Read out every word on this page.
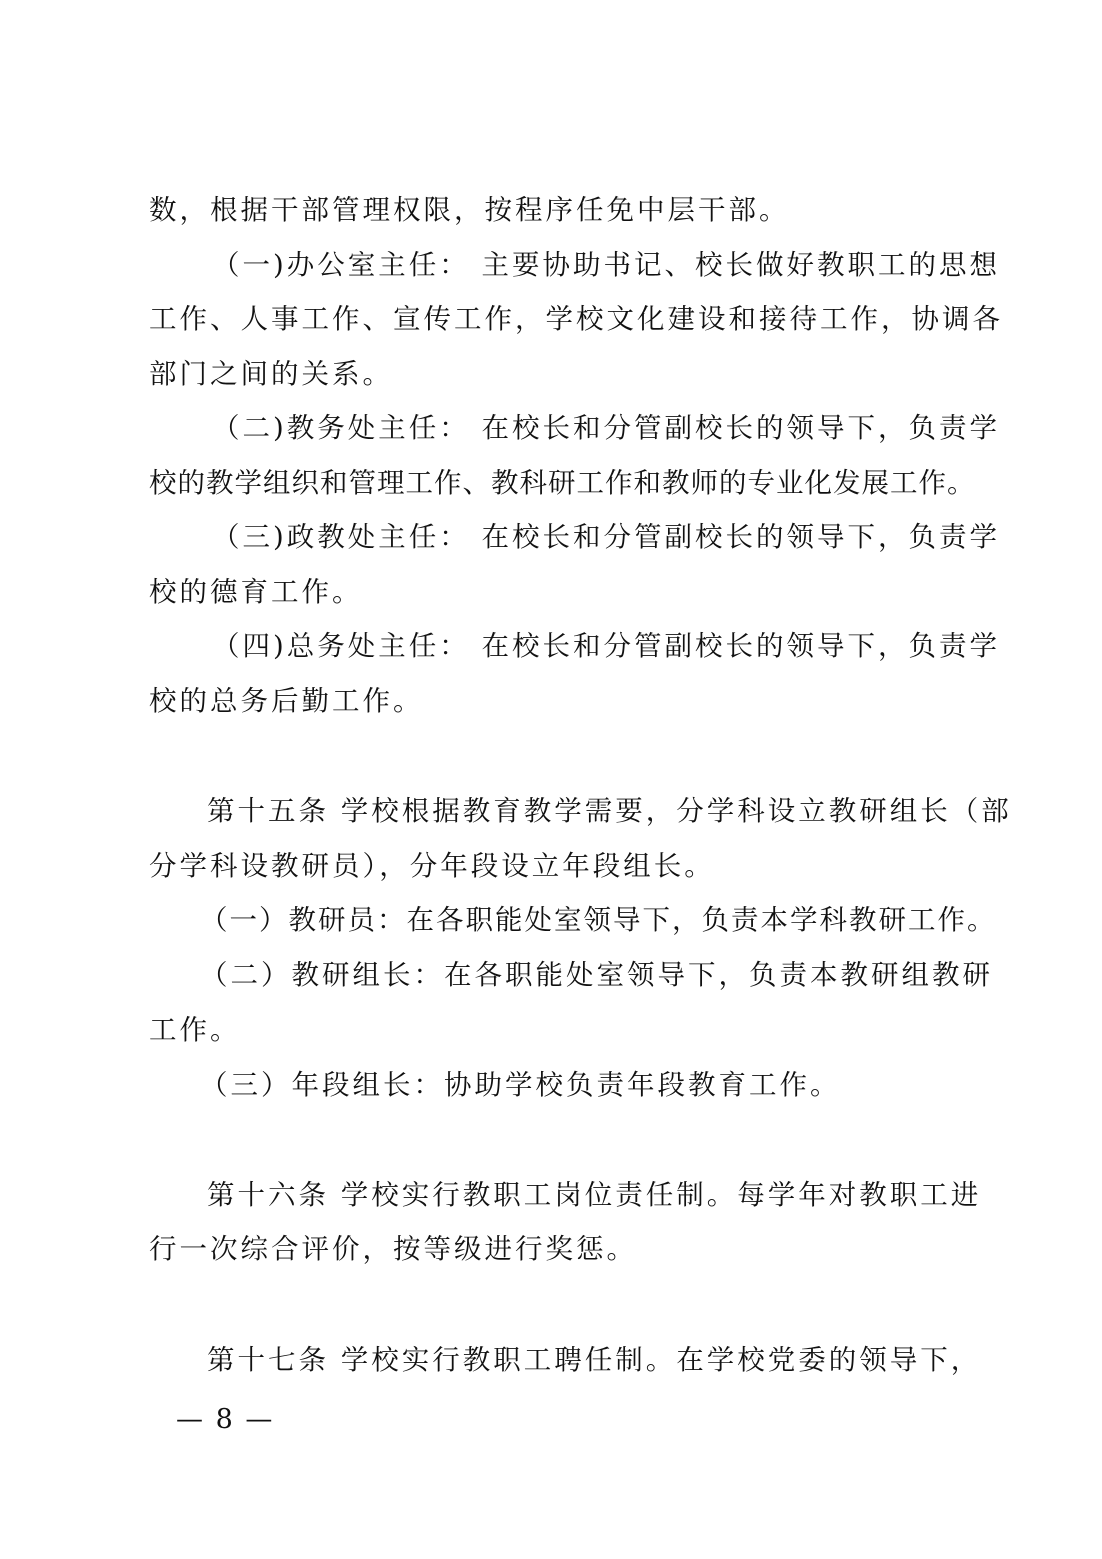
数，根据干部管理权限，按程序任免中层干部。
（一)办公室主任： 主要协助书记、校长做好教职工的思想
工作、人事工作、宣传工作，学校文化建设和接待工作，协调各
部门之间的关系。
（二)教务处主任： 在校长和分管副校长的领导下，负责学
校的教学组织和管理工作、教科研工作和教师的专业化发展工作。
（三)政教处主任： 在校长和分管副校长的领导下，负责学
校的德育工作。
（四)总务处主任： 在校长和分管副校长的领导下，负责学
校的总务后勤工作。
第十五条 学校根据教育教学需要，分学科设立教研组长（部
分学科设教研员），分年段设立年段组长。
（一）教研员：在各职能处室领导下，负责本学科教研工作。
（二）教研组长：在各职能处室领导下，负责本教研组教研
工作。
（三）年段组长：协助学校负责年段教育工作。
第十六条 学校实行教职工岗位责任制。每学年对教职工进
行一次综合评价，按等级进行奖惩。
第十七条 学校实行教职工聘任制。在学校党委的领导下，
— 8 —
